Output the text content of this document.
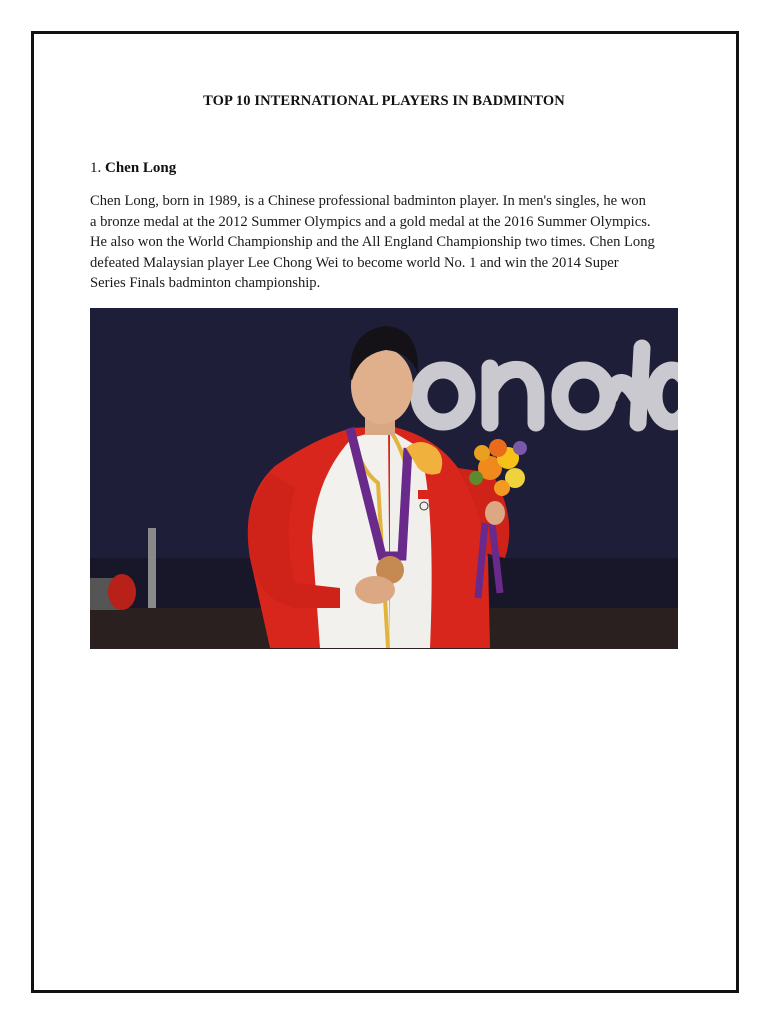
TOP 10 INTERNATIONAL PLAYERS IN BADMINTON
1. Chen Long
Chen Long, born in 1989, is a Chinese professional badminton player. In men's singles, he won
a bronze medal at the 2012 Summer Olympics and a gold medal at the 2016 Summer Olympics.
He also won the World Championship and the All England Championship two times. Chen Long
defeated Malaysian player Lee Chong Wei to become world No. 1 and win the 2014 Super
Series Finals badminton championship.
